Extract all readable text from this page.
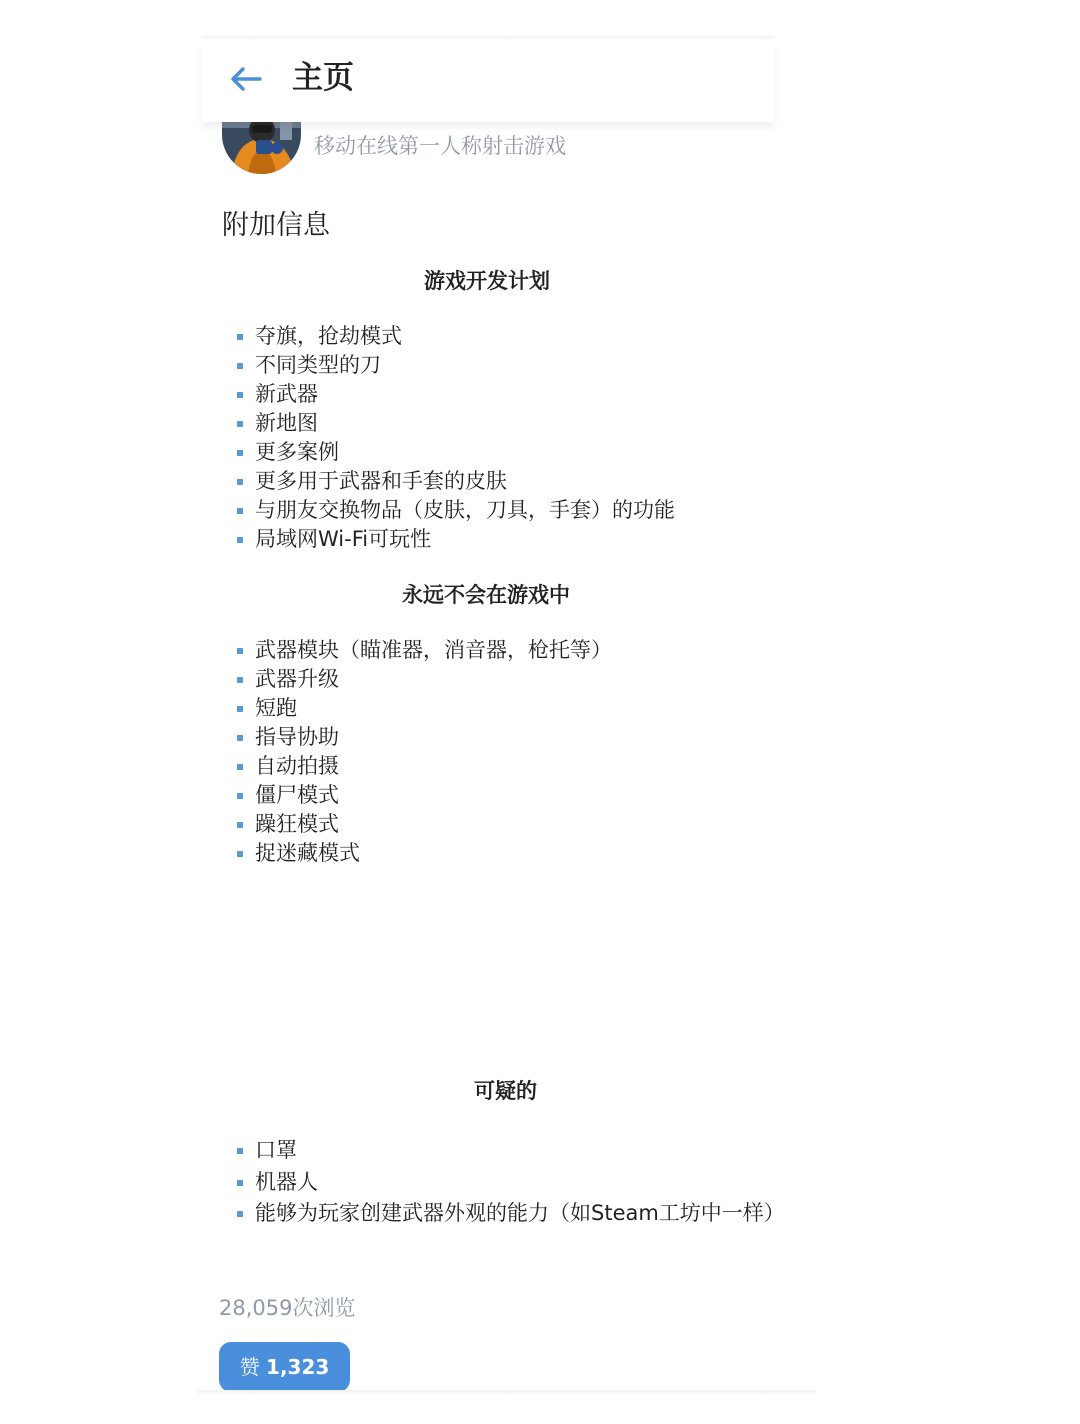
主页
移动在线第一人称射击游戏
附加信息
游戏开发计划
夺旗，抢劫模式
不同类型的刀
新武器
新地图
更多案例
更多用于武器和手套的皮肤
与朋友交换物品（皮肤，刀具，手套）的功能
局域网Wi-Fi可玩性
永远不会在游戏中
武器模块（瞄准器，消音器，枪托等）
武器升级
短跑
指导协助
自动拍摄
僵尸模式
躁狂模式
捉迷藏模式
可疑的
口罩
机器人
能够为玩家创建武器外观的能力（如Steam工坊中一样）
28,059次浏览
赞 1,323
